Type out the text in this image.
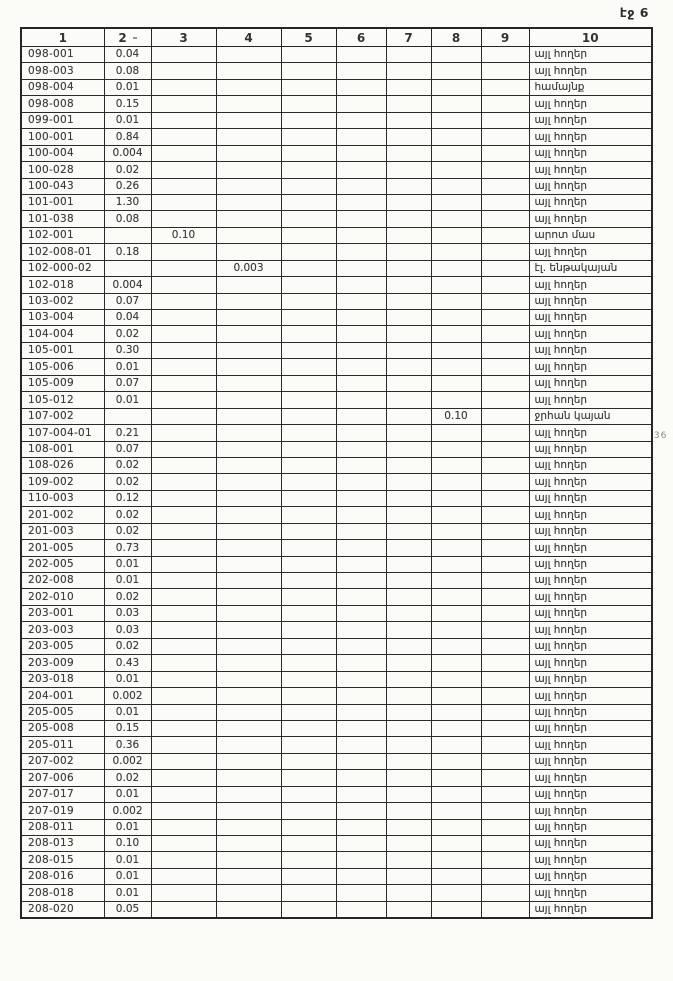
էջ 6
.36
1	2	3	4	5	6	7	8	9	10
098-001	0.04								այլ հողեր
098-003	0.08								այլ հողեր
098-004	0.01								համայնք
098-008	0.15								այլ հողեր
099-001	0.01								այլ հողեր
100-001	0.84								այլ հողեր
100-004	0.004								այլ հողեր
100-028	0.02								այլ հողեր
100-043	0.26								այլ հողեր
101-001	1.30								այլ հողեր
101-038	0.08								այլ հողեր
102-001		0.10							արոտ մաս
102-008-01	0.18								այլ հողեր
102-000-02			0.003						էլ. ենթակայան
102-018	0.004								այլ հողեր
103-002	0.07								այլ հողեր
103-004	0.04								այլ հողեր
104-004	0.02								այլ հողեր
105-001	0.30								այլ հողեր
105-006	0.01								այլ հողեր
105-009	0.07								այլ հողեր
105-012	0.01								այլ հողեր
107-002							0.10		ջրհան կայան
107-004-01	0.21								այլ հողեր
108-001	0.07								այլ հողեր
108-026	0.02								այլ հողեր
109-002	0.02								այլ հողեր
110-003	0.12								այլ հողեր
201-002	0.02								այլ հողեր
201-003	0.02								այլ հողեր
201-005	0.73								այլ հողեր
202-005	0.01								այլ հողեր
202-008	0.01								այլ հողեր
202-010	0.02								այլ հողեր
203-001	0.03								այլ հողեր
203-003	0.03								այլ հողեր
203-005	0.02								այլ հողեր
203-009	0.43								այլ հողեր
203-018	0.01								այլ հողեր
204-001	0.002								այլ հողեր
205-005	0.01								այլ հողեր
205-008	0.15								այլ հողեր
205-011	0.36								այլ հողեր
207-002	0.002								այլ հողեր
207-006	0.02								այլ հողեր
207-017	0.01								այլ հողեր
207-019	0.002								այլ հողեր
208-011	0.01								այլ հողեր
208-013	0.10								այլ հողեր
208-015	0.01								այլ հողեր
208-016	0.01								այլ հողեր
208-018	0.01								այլ հողեր
208-020	0.05								այլ հողեր
